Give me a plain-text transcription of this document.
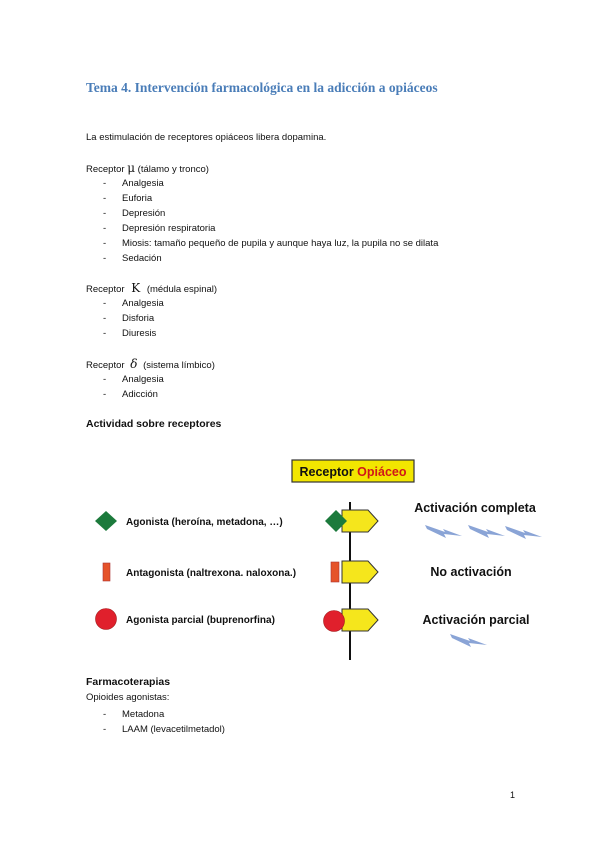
Tema 4. Intervención farmacológica en la adicción a opiáceos
La estimulación de receptores opiáceos libera dopamina.
Receptor μ (tálamo y tronco)
- Analgesia
- Euforia
- Depresión
- Depresión respiratoria
- Miosis: tamaño pequeño de pupila y aunque haya luz, la pupila no se dilata
- Sedación
Receptor Κ (médula espinal)
- Analgesia
- Disforia
- Diuresis
Receptor δ (sistema límbico)
- Analgesia
- Adicción
Actividad sobre receptores
Receptor Opiáceo
Agonista (heroína, metadona, …)
Activación completa
Antagonista (naltrexona. naloxona.)	No activación
Agonista parcial (buprenorfina)	Activación parcial
Farmacoterapias
Opioides agonistas:
- Metadona
- LAAM (levacetilmetadol)
1
